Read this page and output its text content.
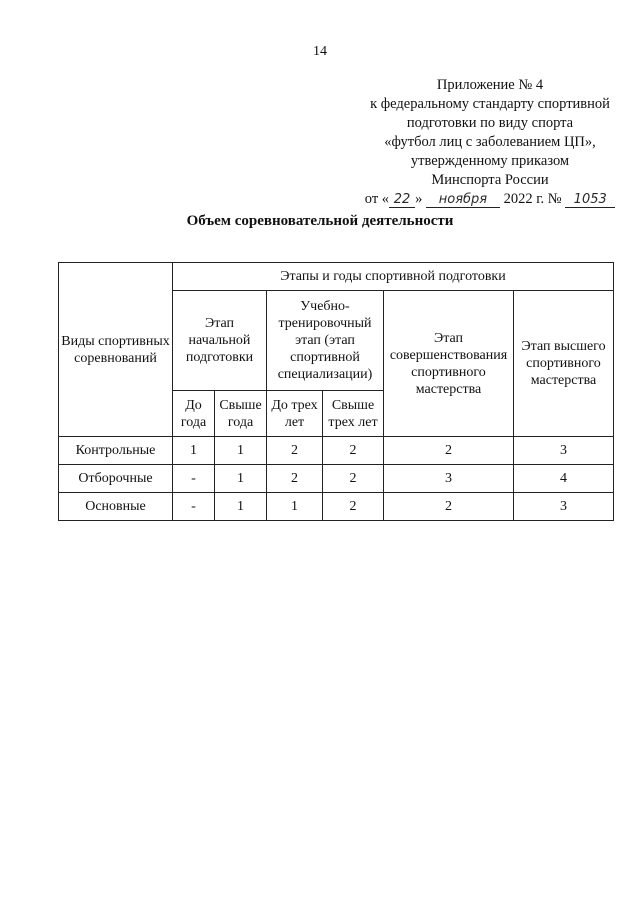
14
Приложение № 4
к федеральному стандарту спортивной
подготовки по виду спорта
«футбол лиц с заболеванием ЦП»,
утвержденному приказом
Минспорта России
от « 22 » ноября 2022 г. № 1053
Объем соревновательной деятельности
Виды спортивных соревнований	Этапы и годы спортивной подготовки					
	Этап начальной подготовки		Учебно-тренировочный этап (этап спортивной специализации)		Этап совершенствования спортивного мастерства	Этап высшего спортивного мастерства
	До года	Свыше года	До трех лет	Свыше трех лет		
Контрольные	1	1	2	2	2	3
Отборочные	-	1	2	2	3	4
Основные	-	1	1	2	2	3
